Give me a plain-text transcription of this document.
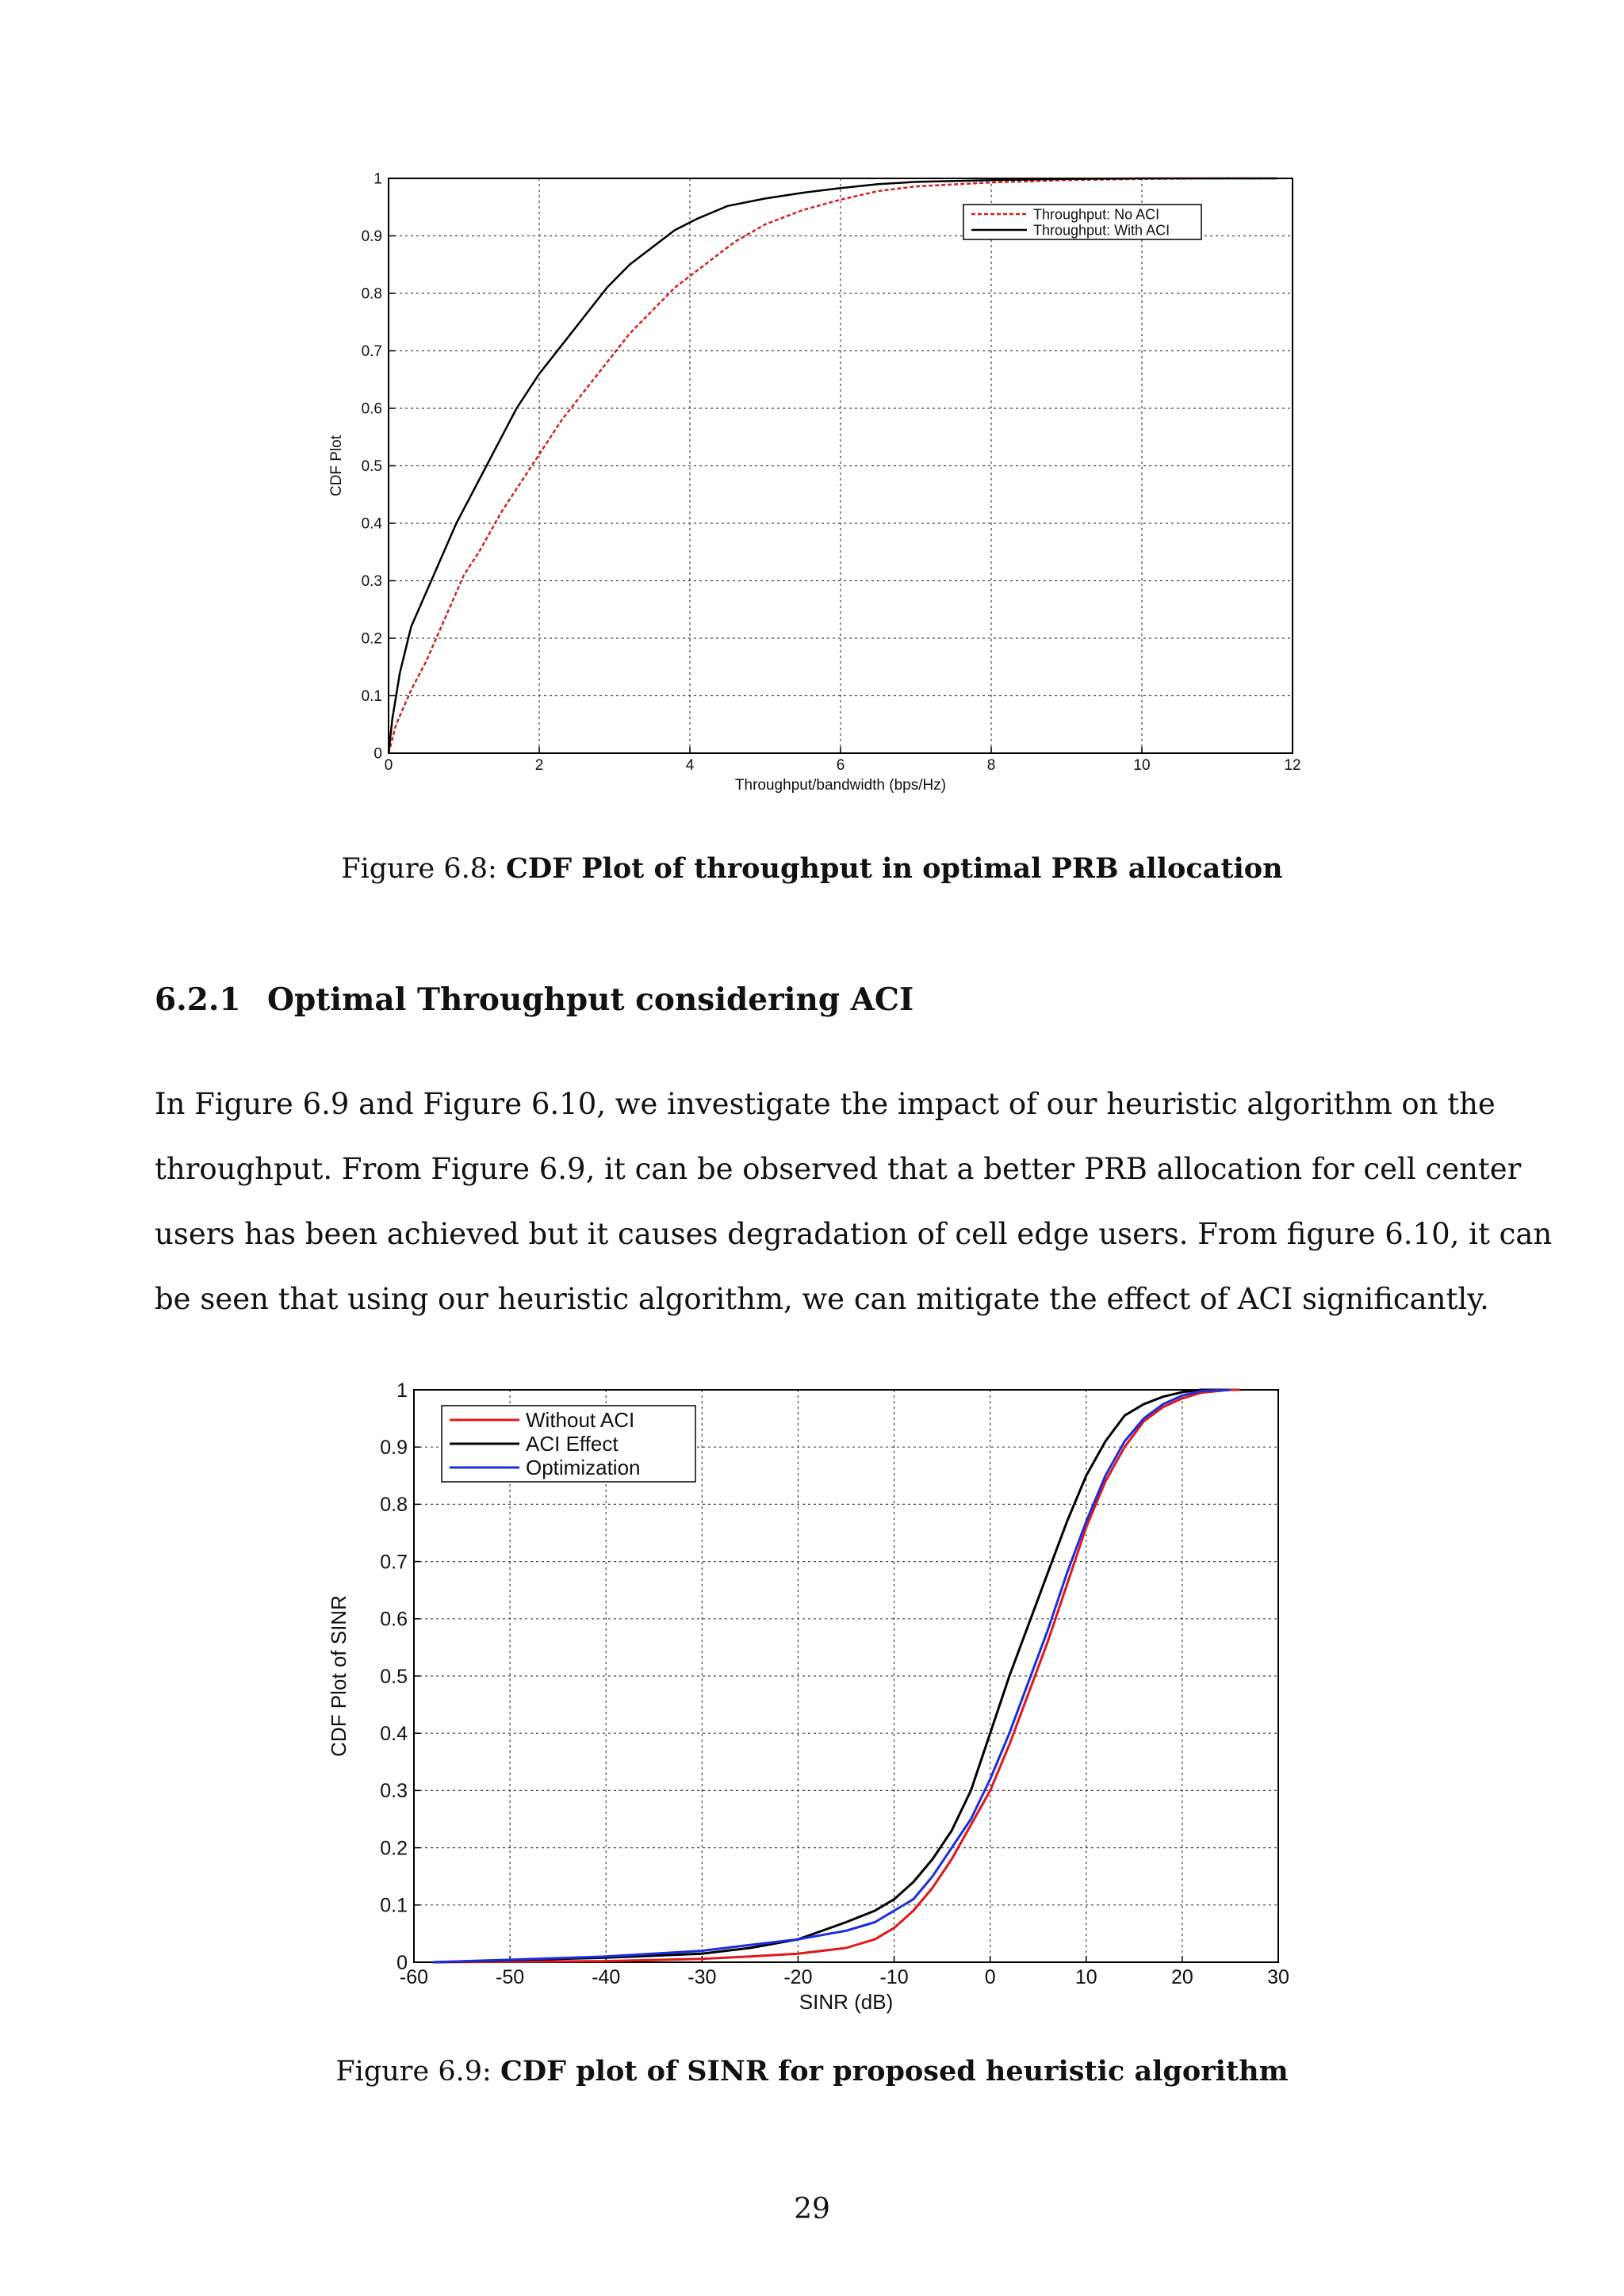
0	2	4	6	8	10	12
0
0.1
0.2
0.3
0.4
0.5
0.6
0.7
0.8
0.9
1
Throughput/bandwidth (bps/Hz)
CDF Plot
Throughput: No ACI
Throughput: With ACI
Figure 6.8: CDF Plot of throughput in optimal PRB allocation
6.2.1 Optimal Throughput considering ACI
In Figure 6.9 and Figure 6.10, we investigate the impact of our heuristic algorithm on the
throughput. From Figure 6.9, it can be observed that a better PRB allocation for cell center
users has been achieved but it causes degradation of cell edge users. From figure 6.10, it can
be seen that using our heuristic algorithm, we can mitigate the effect of ACI significantly.
-60	-50	-40	-30	-20	-10	0	10	20	30
0
0.1
0.2
0.3
0.4
0.5
0.6
0.7
0.8
0.9
1
SINR (dB)
CDF Plot of SINR
Without ACI
ACI Effect
Optimization
Figure 6.9: CDF plot of SINR for proposed heuristic algorithm
29
